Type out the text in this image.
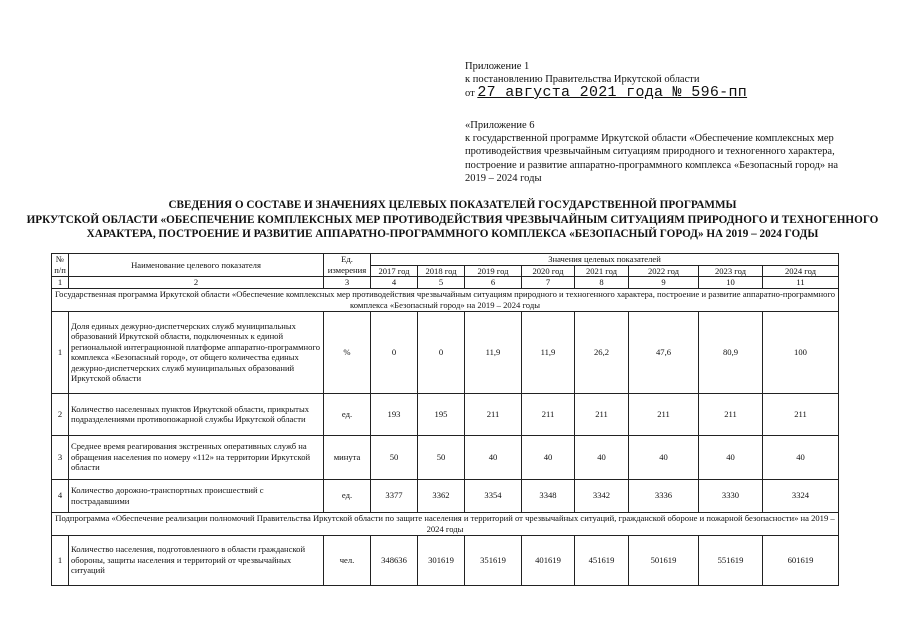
Приложение 1
к постановлению Правительства Иркутской области
от 27 августа 2021 года № 596-пп
«Приложение 6
к государственной программе Иркутской области «Обеспечение комплексных мер противодействия чрезвычайным ситуациям природного и техногенного характера, построение и развитие аппаратно-программного комплекса «Безопасный город» на 2019 – 2024 годы
СВЕДЕНИЯ О СОСТАВЕ И ЗНАЧЕНИЯХ ЦЕЛЕВЫХ ПОКАЗАТЕЛЕЙ ГОСУДАРСТВЕННОЙ ПРОГРАММЫ
ИРКУТСКОЙ ОБЛАСТИ «ОБЕСПЕЧЕНИЕ КОМПЛЕКСНЫХ МЕР ПРОТИВОДЕЙСТВИЯ ЧРЕЗВЫЧАЙНЫМ СИТУАЦИЯМ ПРИРОДНОГО И ТЕХНОГЕННОГО
ХАРАКТЕРА, ПОСТРОЕНИЕ И РАЗВИТИЕ АППАРАТНО-ПРОГРАММНОГО КОМПЛЕКСА «БЕЗОПАСНЫЙ ГОРОД» НА 2019 – 2024 ГОДЫ
№ п/п	Наименование целевого показателя	Ед. измерения	Значения целевых показателей							
			2017 год	2018 год	2019 год	2020 год	2021 год	2022 год	2023 год	2024 год
1	2	3	4	5	6	7	8	9	10	11
Государственная программа Иркутской области «Обеспечение комплексных мер противодействия чрезвычайным ситуациям природного и техногенного характера, построение и развитие аппаратно-программного комплекса «Безопасный город» на 2019 – 2024 годы										
1	Доля единых дежурно-диспетчерских служб муниципальных образований Иркутской области, подключенных к единой региональной интеграционной платформе аппаратно-программного комплекса «Безопасный город», от общего количества единых дежурно-диспетчерских служб муниципальных образований Иркутской области	%	0	0	11,9	11,9	26,2	47,6	80,9	100
2	Количество населенных пунктов Иркутской области, прикрытых подразделениями противопожарной службы Иркутской области	ед.	193	195	211	211	211	211	211	211
3	Среднее время реагирования экстренных оперативных служб на обращения населения по номеру «112» на территории Иркутской области	минута	50	50	40	40	40	40	40	40
4	Количество дорожно-транспортных происшествий с пострадавшими	ед.	3377	3362	3354	3348	3342	3336	3330	3324
Подпрограмма «Обеспечение реализации полномочий Правительства Иркутской области по защите населения и территорий от чрезвычайных ситуаций, гражданской обороне и пожарной безопасности» на 2019 – 2024 годы										
1	Количество населения, подготовленного в области гражданской обороны, защиты населения и территорий от чрезвычайных ситуаций	чел.	348636	301619	351619	401619	451619	501619	551619	601619
